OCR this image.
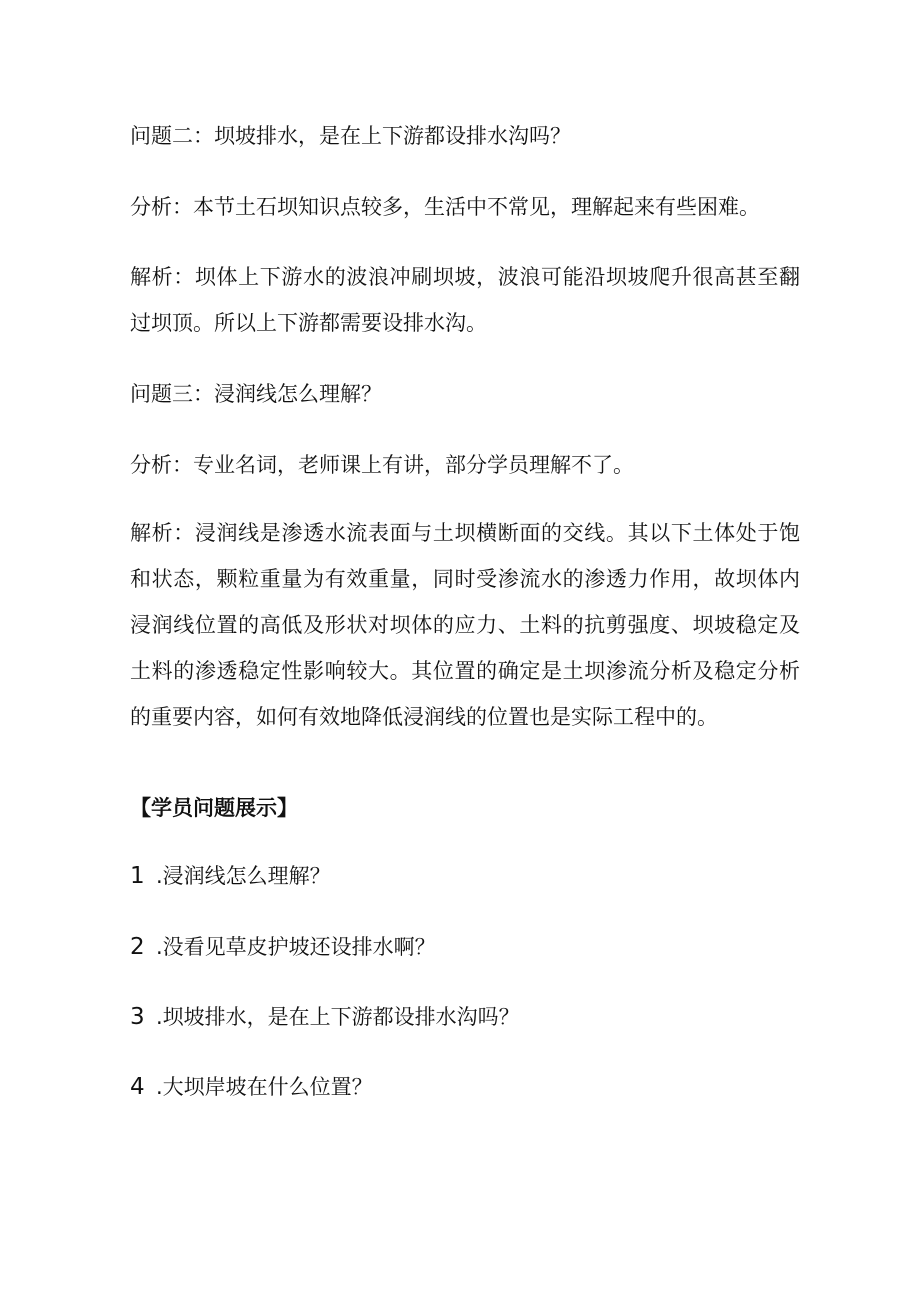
问题二：坝坡排水，是在上下游都设排水沟吗？

分析：本节土石坝知识点较多，生活中不常见，理解起来有些困难。

解析：坝体上下游水的波浪冲刷坝坡，波浪可能沿坝坡爬升很高甚至翻过坝顶。所以上下游都需要设排水沟。

问题三：浸润线怎么理解？

分析：专业名词，老师课上有讲，部分学员理解不了。

解析：浸润线是渗透水流表面与土坝横断面的交线。其以下土体处于饱和状态，颗粒重量为有效重量，同时受渗流水的渗透力作用，故坝体内浸润线位置的高低及形状对坝体的应力、土料的抗剪强度、坝坡稳定及土料的渗透稳定性影响较大。其位置的确定是土坝渗流分析及稳定分析的重要内容，如何有效地降低浸润线的位置也是实际工程中的。

【学员问题展示】

1 .浸润线怎么理解？

2 .没看见草皮护坡还设排水啊？

3 .坝坡排水，是在上下游都设排水沟吗？

4 .大坝岸坡在什么位置？
